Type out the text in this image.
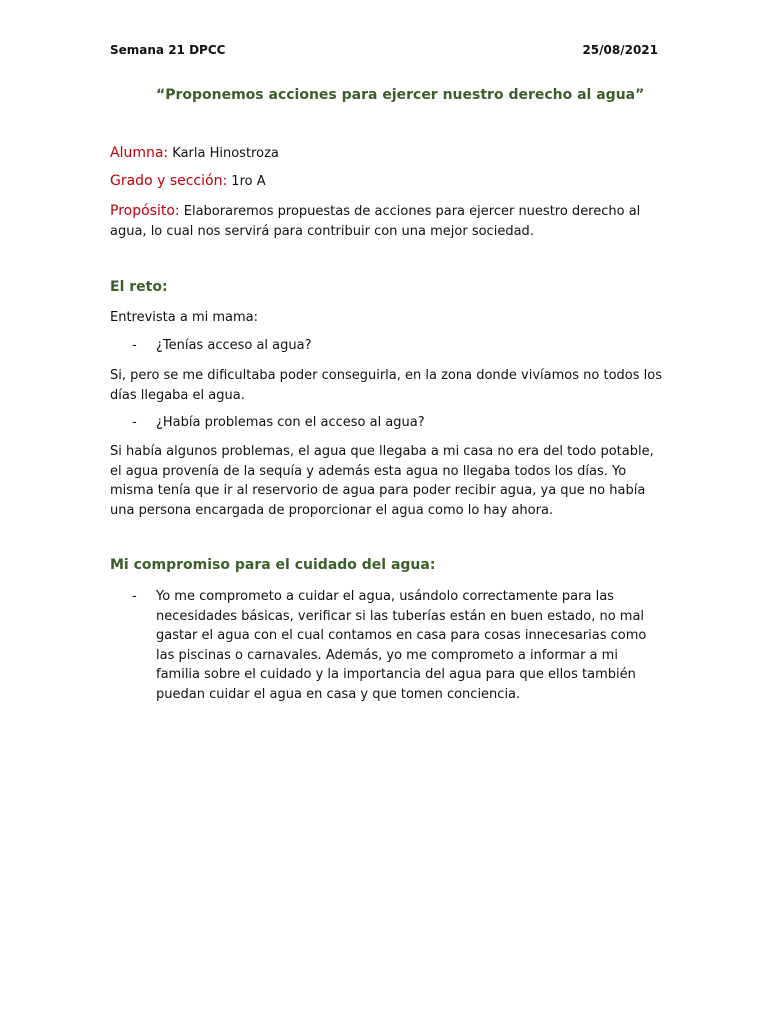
Semana 21 DPCC	25/08/2021
“Proponemos acciones para ejercer nuestro derecho al agua”
Alumna: Karla Hinostroza
Grado y sección: 1ro A
Propósito: Elaboraremos propuestas de acciones para ejercer nuestro derecho al agua, lo cual nos servirá para contribuir con una mejor sociedad.
El reto:
Entrevista a mi mama:
-	¿Tenías acceso al agua?
Si, pero se me dificultaba poder conseguirla, en la zona donde vivíamos no todos los días llegaba el agua.
-	¿Había problemas con el acceso al agua?
Si había algunos problemas, el agua que llegaba a mi casa no era del todo potable, el agua provenía de la sequía y además esta agua no llegaba todos los días. Yo misma tenía que ir al reservorio de agua para poder recibir agua, ya que no había una persona encargada de proporcionar el agua como lo hay ahora.
Mi compromiso para el cuidado del agua:
-	Yo me comprometo a cuidar el agua, usándolo correctamente para las necesidades básicas, verificar si las tuberías están en buen estado, no mal gastar el agua con el cual contamos en casa para cosas innecesarias como las piscinas o carnavales. Además, yo me comprometo a informar a mi familia sobre el cuidado y la importancia del agua para que ellos también puedan cuidar el agua en casa y que tomen conciencia.
